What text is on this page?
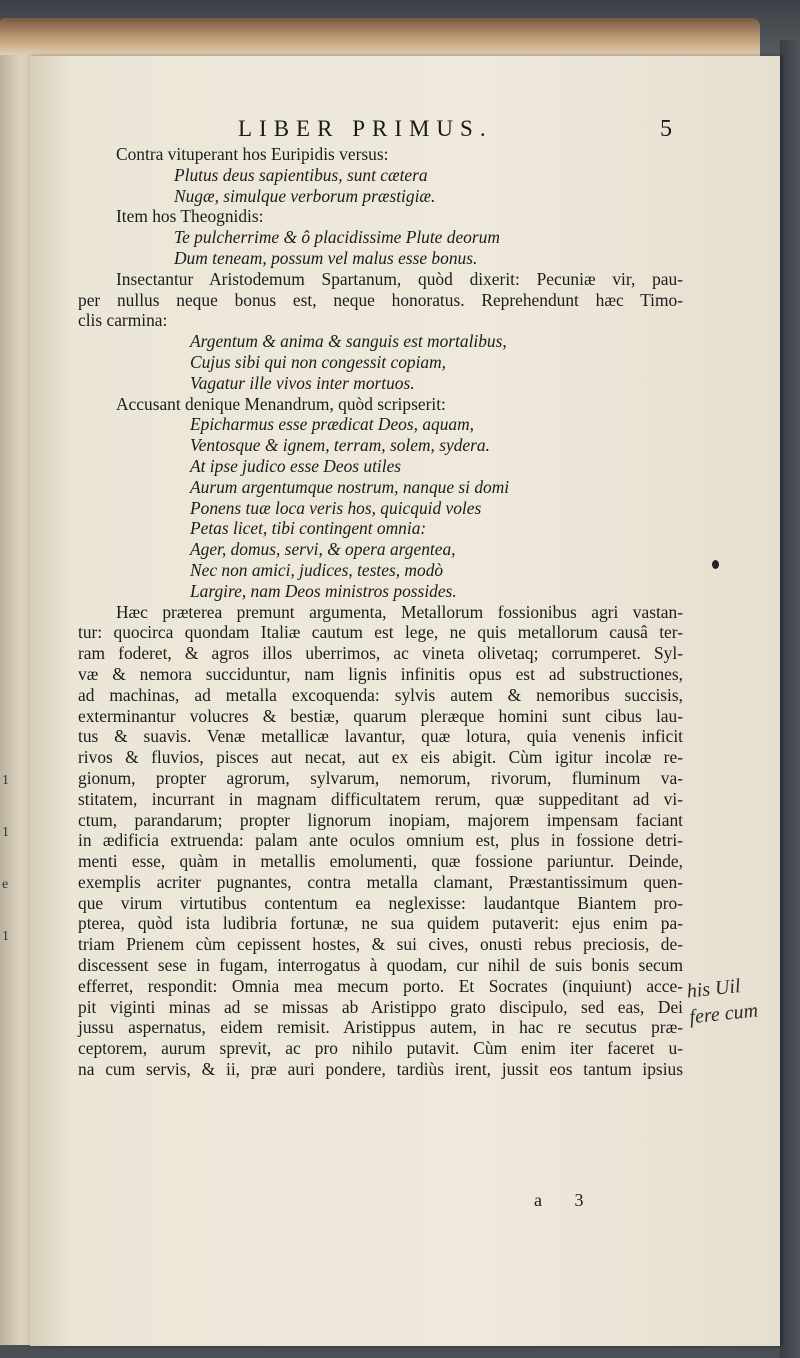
1
1
e
1
LIBER PRIMUS.	5
Contra vituperant hos Euripidis versus:
Plutus deus sapientibus, sunt cætera
Nugæ, simulque verborum præstigiæ.
Item hos Theognidis:
Te pulcherrime & ô placidissime Plute deorum
Dum teneam, possum vel malus esse bonus.
Insectantur Aristodemum Spartanum, quòd dixerit: Pecuniæ vir, pau-
per nullus neque bonus est, neque honoratus. Reprehendunt hæc Timo-
clis carmina:
Argentum & anima & sanguis est mortalibus,
Cujus sibi qui non congessit copiam,
Vagatur ille vivos inter mortuos.
Accusant denique Menandrum, quòd scripserit:
Epicharmus esse prædicat Deos, aquam,
Ventosque & ignem, terram, solem, sydera.
At ipse judico esse Deos utiles
Aurum argentumque nostrum, nanque si domi
Ponens tuæ loca veris hos, quicquid voles
Petas licet, tibi contingent omnia:
Ager, domus, servi, & opera argentea,
Nec non amici, judices, testes, modò
Largire, nam Deos ministros possides.
Hæc præterea premunt argumenta, Metallorum fossionibus agri vastan-
tur: quocirca quondam Italiæ cautum est lege, ne quis metallorum causâ ter-
ram foderet, & agros illos uberrimos, ac vineta olivetaq; corrumperet. Syl-
væ & nemora succiduntur, nam lignis infinitis opus est ad substructiones,
ad machinas, ad metalla excoquenda: sylvis autem & nemoribus succisis,
exterminantur volucres & bestiæ, quarum pleræque homini sunt cibus lau-
tus & suavis. Venæ metallicæ lavantur, quæ lotura, quia venenis inficit
rivos & fluvios, pisces aut necat, aut ex eis abigit. Cùm igitur incolæ re-
gionum, propter agrorum, sylvarum, nemorum, rivorum, fluminum va-
stitatem, incurrant in magnam difficultatem rerum, quæ suppeditant ad vi-
ctum, parandarum; propter lignorum inopiam, majorem impensam faciant
in ædificia extruenda: palam ante oculos omnium est, plus in fossione detri-
menti esse, quàm in metallis emolumenti, quæ fossione pariuntur. Deinde,
exemplis acriter pugnantes, contra metalla clamant, Præstantissimum quen-
que virum virtutibus contentum ea neglexisse: laudantque Biantem pro-
pterea, quòd ista ludibria fortunæ, ne sua quidem putaverit: ejus enim pa-
triam Prienem cùm cepissent hostes, & sui cives, onusti rebus preciosis, de-
discessent sese in fugam, interrogatus à quodam, cur nihil de suis bonis secum
efferret, respondit: Omnia mea mecum porto. Et Socrates (inquiunt) acce-
pit viginti minas ad se missas ab Aristippo grato discipulo, sed eas, Dei
jussu aspernatus, eidem remisit. Aristippus autem, in hac re secutus præ-
ceptorem, aurum sprevit, ac pro nihilo putavit. Cùm enim iter faceret u-
na cum servis, & ii, præ auri pondere, tardiùs irent, jussit eos tantum ipsius
his Uil
fere cum
a 3
